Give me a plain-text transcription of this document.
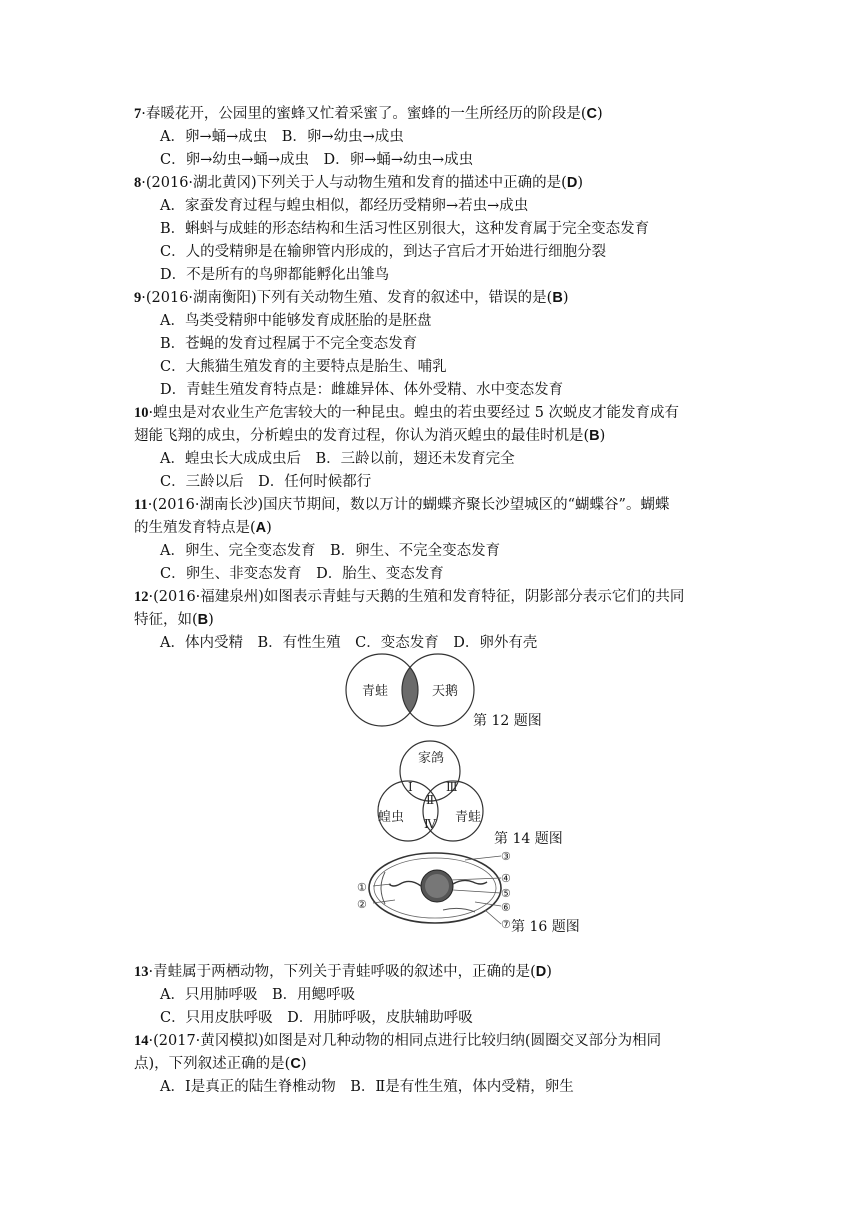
7·春暖花开，公园里的蜜蜂又忙着采蜜了。蜜蜂的一生所经历的阶段是(C)
A．卵→蛹→成虫　B．卵→幼虫→成虫
C．卵→幼虫→蛹→成虫　D．卵→蛹→幼虫→成虫
8·(2016·湖北黄冈)下列关于人与动物生殖和发育的描述中正确的是(D)
A．家蚕发育过程与蝗虫相似，都经历受精卵→若虫→成虫
B．蝌蚪与成蛙的形态结构和生活习性区别很大，这种发育属于完全变态发育
C．人的受精卵是在输卵管内形成的，到达子宫后才开始进行细胞分裂
D．不是所有的鸟卵都能孵化出雏鸟
9·(2016·湖南衡阳)下列有关动物生殖、发育的叙述中，错误的是(B)
A．鸟类受精卵中能够发育成胚胎的是胚盘
B．苍蝇的发育过程属于不完全变态发育
C．大熊猫生殖发育的主要特点是胎生、哺乳
D．青蛙生殖发育特点是：雌雄异体、体外受精、水中变态发育
10·蝗虫是对农业生产危害较大的一种昆虫。蝗虫的若虫要经过 5 次蜕皮才能发育成有
翅能飞翔的成虫，分析蝗虫的发育过程，你认为消灭蝗虫的最佳时机是(B)
A．蝗虫长大成成虫后　B．三龄以前，翅还未发育完全
C．三龄以后　D．任何时候都行
11·(2016·湖南长沙)国庆节期间，数以万计的蝴蝶齐聚长沙望城区的“蝴蝶谷”。蝴蝶
的生殖发育特点是(A)
A．卵生、完全变态发育　B．卵生、不完全变态发育
C．卵生、非变态发育　D．胎生、变态发育
12·(2016·福建泉州)如图表示青蛙与天鹅的生殖和发育特征，阴影部分表示它们的共同
特征，如(B)
A．体内受精　B．有性生殖　C．变态发育　D．卵外有壳
青蛙	天鹅
第 12 题图
家鸽
蝗虫	青蛙
Ⅰ
Ⅱ
Ⅲ
Ⅳ
第 14 题图
①
②
③
④
⑤
⑥
⑦ 第 16 题图
13·青蛙属于两栖动物，下列关于青蛙呼吸的叙述中，正确的是(D)
A．只用肺呼吸　B．用鳃呼吸
C．只用皮肤呼吸　D．用肺呼吸，皮肤辅助呼吸
14·(2017·黄冈模拟)如图是对几种动物的相同点进行比较归纳(圆圈交叉部分为相同
点)，下列叙述正确的是(C)
A．Ⅰ是真正的陆生脊椎动物　B．Ⅱ是有性生殖，体内受精，卵生
